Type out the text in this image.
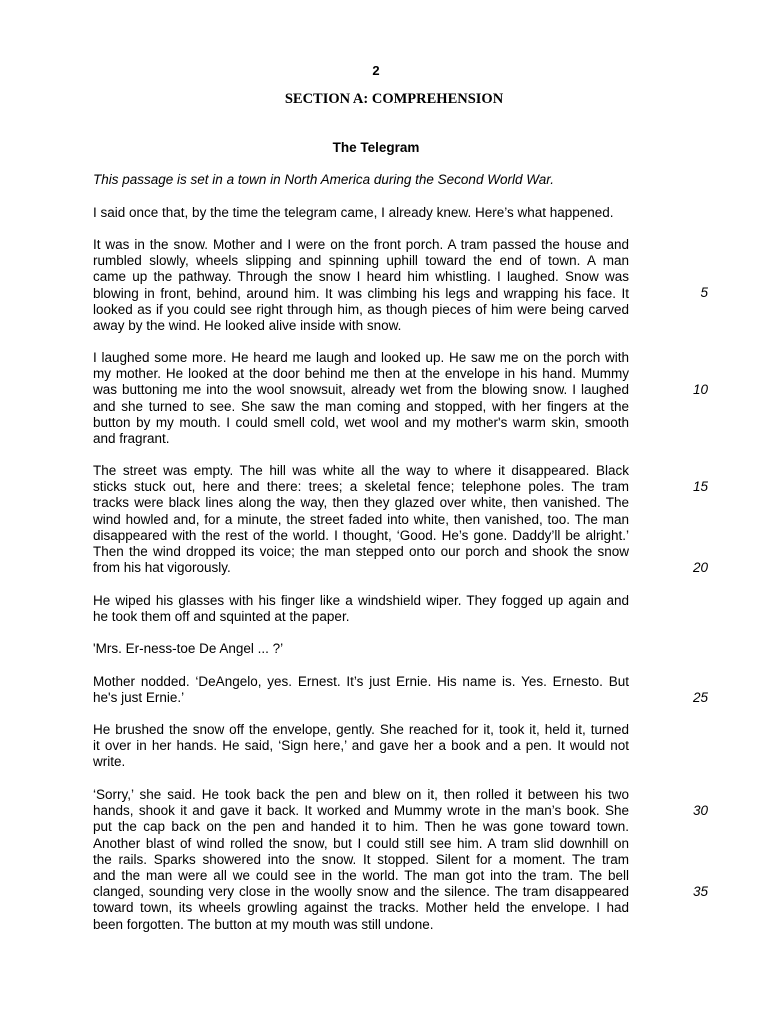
2
SECTION A: COMPREHENSION
The Telegram

This passage is set in a town in North America during the Second World War.

I said once that, by the time the telegram came, I already knew. Here’s what happened.
It was in the snow. Mother and I were on the front porch. A tram passed the house and
rumbled slowly, wheels slipping and spinning uphill toward the end of town. A man
came up the pathway. Through the snow I heard him whistling. I laughed. Snow was
blowing in front, behind, around him. It was climbing his legs and wrapping his face. It
looked as if you could see right through him, as though pieces of him were being carved
away by the wind. He looked alive inside with snow.
I laughed some more. He heard me laugh and looked up. He saw me on the porch with
my mother. He looked at the door behind me then at the envelope in his hand. Mummy
was buttoning me into the wool snowsuit, already wet from the blowing snow. I laughed
and she turned to see. She saw the man coming and stopped, with her fingers at the
button by my mouth. I could smell cold, wet wool and my mother's warm skin, smooth
and fragrant.
The street was empty. The hill was white all the way to where it disappeared. Black
sticks stuck out, here and there: trees; a skeletal fence; telephone poles. The tram
tracks were black lines along the way, then they glazed over white, then vanished. The
wind howled and, for a minute, the street faded into white, then vanished, too. The man
disappeared with the rest of the world. I thought, ‘Good. He’s gone. Daddy’ll be alright.’
Then the wind dropped its voice; the man stepped onto our porch and shook the snow
from his hat vigorously.
He wiped his glasses with his finger like a windshield wiper. They fogged up again and
he took them off and squinted at the paper.
'Mrs. Er-ness-toe De Angel ... ?’
Mother nodded. ‘DeAngelo, yes. Ernest. It’s just Ernie. His name is. Yes. Ernesto. But
he's just Ernie.’
He brushed the snow off the envelope, gently. She reached for it, took it, held it, turned
it over in her hands. He said, ‘Sign here,’ and gave her a book and a pen. It would not
write.
‘Sorry,’ she said. He took back the pen and blew on it, then rolled it between his two
hands, shook it and gave it back. It worked and Mummy wrote in the man’s book. She
put the cap back on the pen and handed it to him. Then he was gone toward town.
Another blast of wind rolled the snow, but I could still see him. A tram slid downhill on
the rails. Sparks showered into the snow. It stopped. Silent for a moment. The tram
and the man were all we could see in the world. The man got into the tram. The bell
clanged, sounding very close in the woolly snow and the silence. The tram disappeared
toward town, its wheels growling against the tracks. Mother held the envelope. I had
been forgotten. The button at my mouth was still undone.
5
10
15
20
25
30
35
